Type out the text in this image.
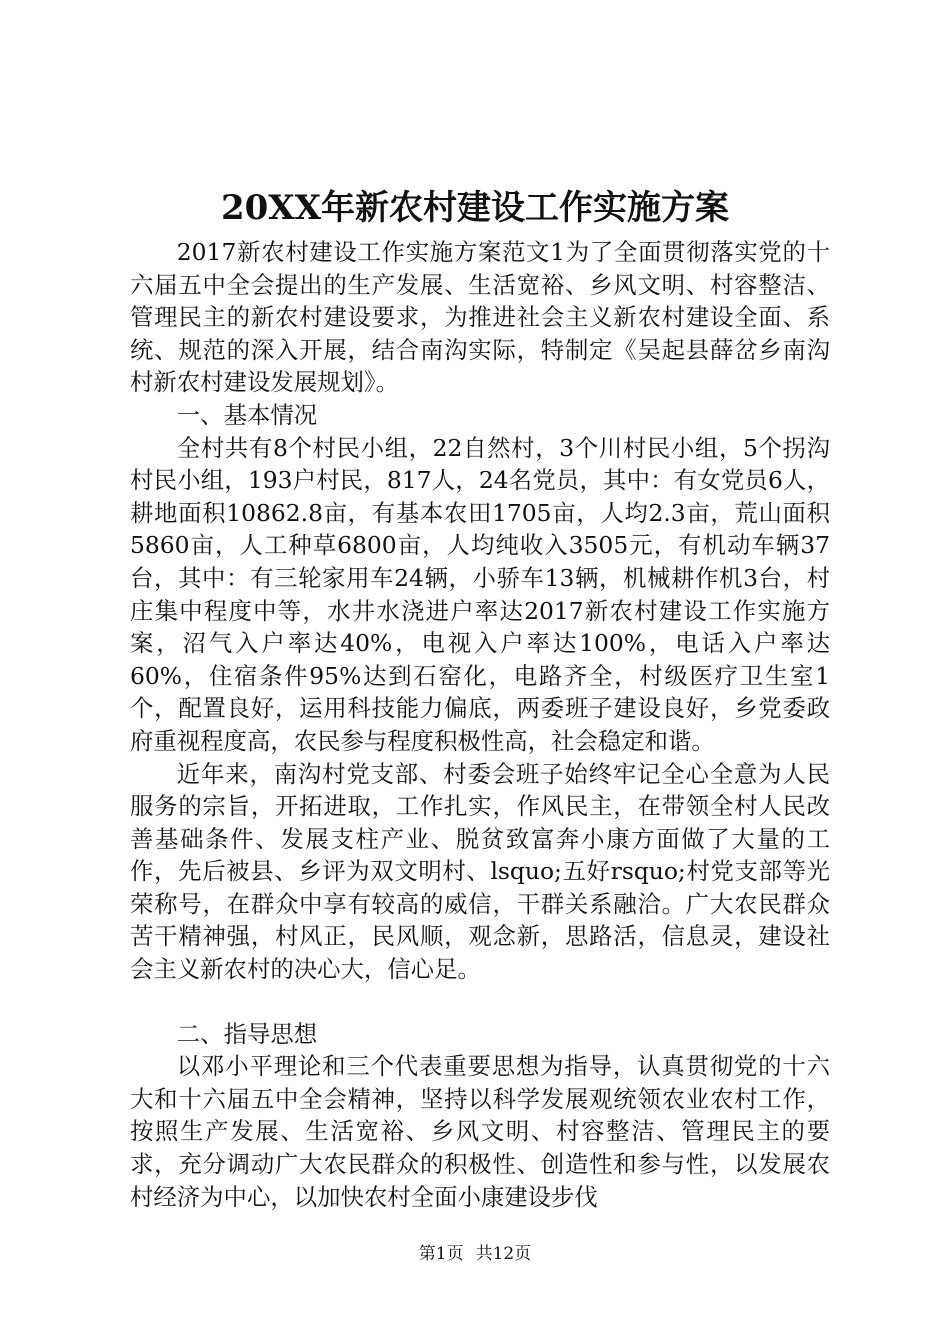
20XX年新农村建设工作实施方案

2017新农村建设工作实施方案范文1为了全面贯彻落实党的十六届五中全会提出的生产发展、生活宽裕、乡风文明、村容整洁、管理民主的新农村建设要求，为推进社会主义新农村建设全面、系统、规范的深入开展，结合南沟实际，特制定《吴起县薛岔乡南沟村新农村建设发展规划》。

一、基本情况

全村共有8个村民小组，22自然村，3个川村民小组，5个拐沟村民小组，193户村民，817人，24名党员，其中：有女党员6人，耕地面积10862.8亩，有基本农田1705亩，人均2.3亩，荒山面积5860亩，人工种草6800亩，人均纯收入3505元，有机动车辆37台，其中：有三轮家用车24辆，小骄车13辆，机械耕作机3台，村庄集中程度中等，水井水浇进户率达2017新农村建设工作实施方案，沼气入户率达40%，电视入户率达100%，电话入户率达60%，住宿条件95%达到石窑化，电路齐全，村级医疗卫生室1个，配置良好，运用科技能力偏底，两委班子建设良好，乡党委政府重视程度高，农民参与程度积极性高，社会稳定和谐。

近年来，南沟村党支部、村委会班子始终牢记全心全意为人民服务的宗旨，开拓进取，工作扎实，作风民主，在带领全村人民改善基础条件、发展支柱产业、脱贫致富奔小康方面做了大量的工作，先后被县、乡评为双文明村、lsquo;五好rsquo;村党支部等光荣称号，在群众中享有较高的威信，干群关系融洽。广大农民群众苦干精神强，村风正，民风顺，观念新，思路活，信息灵，建设社会主义新农村的决心大，信心足。

二、指导思想

以邓小平理论和三个代表重要思想为指导，认真贯彻党的十六大和十六届五中全会精神，坚持以科学发展观统领农业农村工作，按照生产发展、生活宽裕、乡风文明、村容整洁、管理民主的要求，充分调动广大农民群众的积极性、创造性和参与性，以发展农村经济为中心，以加快农村全面小康建设步伐

第1页 共12页
